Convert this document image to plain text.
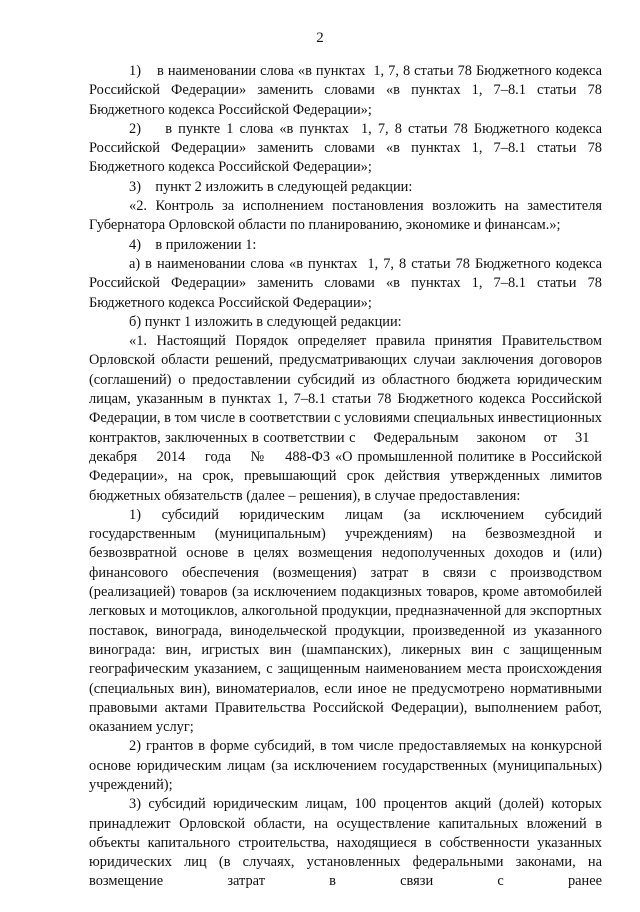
2

1)    в наименовании слова «в пунктах  1, 7, 8 статьи 78 Бюджетного кодекса Российской Федерации» заменить словами «в пунктах 1, 7–8.1 статьи 78 Бюджетного кодекса Российской Федерации»;

2)    в пункте 1 слова «в пунктах  1, 7, 8 статьи 78 Бюджетного кодекса Российской Федерации» заменить словами «в пунктах 1, 7–8.1 статьи 78 Бюджетного кодекса Российской Федерации»;

3)    пункт 2 изложить в следующей редакции:

«2. Контроль за исполнением постановления возложить на заместителя Губернатора Орловской области по планированию, экономике и финансам.»;

4)    в приложении 1:

а) в наименовании слова «в пунктах  1, 7, 8 статьи 78 Бюджетного кодекса Российской Федерации» заменить словами «в пунктах 1, 7–8.1 статьи 78 Бюджетного кодекса Российской Федерации»;

б) пункт 1 изложить в следующей редакции:

«1. Настоящий Порядок определяет правила принятия Правительством Орловской области решений, предусматривающих случаи заключения договоров (соглашений) о предоставлении субсидий из областного бюджета юридическим лицам, указанным в пунктах 1, 7–8.1 статьи 78 Бюджетного кодекса Российской Федерации, в том числе в соответствии с условиями специальных инвестиционных контрактов, заключенных в соответствии с    Федеральным    законом    от    31    декабря    2014    года    №    488-ФЗ «О промышленной политике в Российской Федерации», на срок, превышающий срок действия утвержденных лимитов бюджетных обязательств (далее – решения), в случае предоставления:

1) субсидий юридическим лицам (за исключением субсидий государственным (муниципальным) учреждениям) на безвозмездной и безвозвратной основе в целях возмещения недополученных доходов и (или) финансового обеспечения (возмещения) затрат в связи с производством (реализацией) товаров (за исключением подакцизных товаров, кроме автомобилей легковых и мотоциклов, алкогольной продукции, предназначенной для экспортных поставок, винограда, винодельческой продукции, произведенной из указанного винограда: вин, игристых вин (шампанских), ликерных вин с защищенным географическим указанием, с защищенным наименованием места происхождения (специальных вин), виноматериалов, если иное не предусмотрено нормативными правовыми актами Правительства Российской Федерации), выполнением работ, оказанием услуг;

2) грантов в форме субсидий, в том числе предоставляемых на конкурсной основе юридическим лицам (за исключением государственных (муниципальных) учреждений);

3) субсидий юридическим лицам, 100 процентов акций (долей) которых принадлежит Орловской области, на осуществление капитальных вложений в объекты капитального строительства, находящиеся в собственности указанных юридических лиц (в случаях, установленных федеральными законами, на возмещение затрат в связи с ранее
